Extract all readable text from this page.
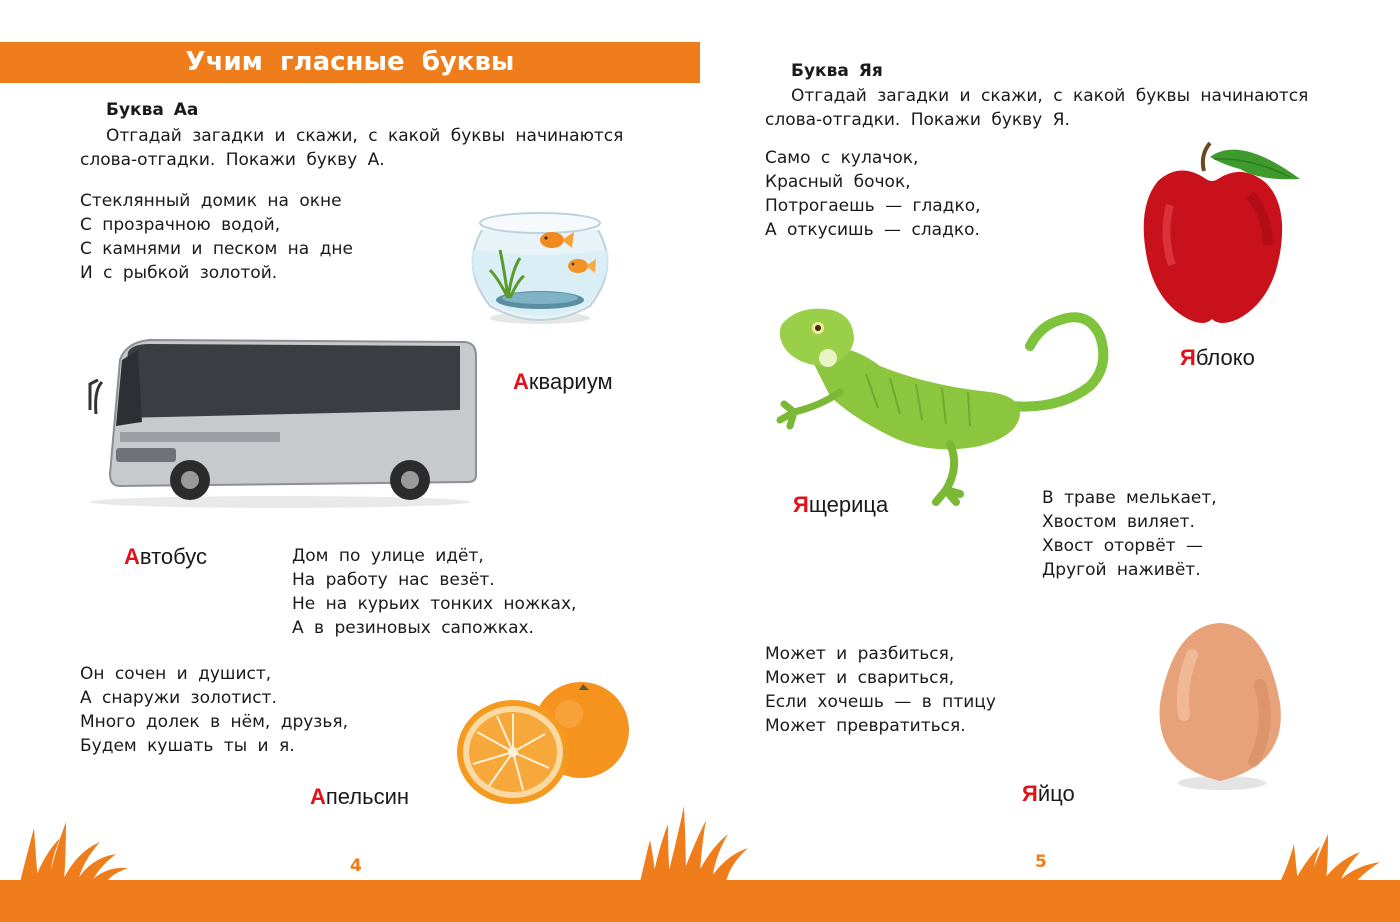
Учим гласные буквы
Буква Аа

Отгадай загадки и скажи, с какой буквы начинаются

слова-отгадки. Покажи букву А.

Стеклянный домик на окне
С прозрачною водой,
С камнями и песком на дне
И с рыбкой золотой.
Аквариум
Автобус	Дом по улице идёт,
На работу нас везёт.
Не на курьих тонких ножках,
А в резиновых сапожках.
Он сочен и душист,
А снаружи золотист.
Много долек в нём, друзья,
Будем кушать ты и я.
Апельсин
4
Буква Яя

Отгадай загадки и скажи, с какой буквы начинаются

слова-отгадки. Покажи букву Я.

Само с кулачок,
Красный бочок,
Потрогаешь — гладко,
А откусишь — сладко.
Яблоко
Ящерица	В траве мелькает,
Хвостом виляет.
Хвост оторвёт —
Другой наживёт.
Может и разбиться,
Может и свариться,
Если хочешь — в птицу
Может превратиться.
Яйцо
5
